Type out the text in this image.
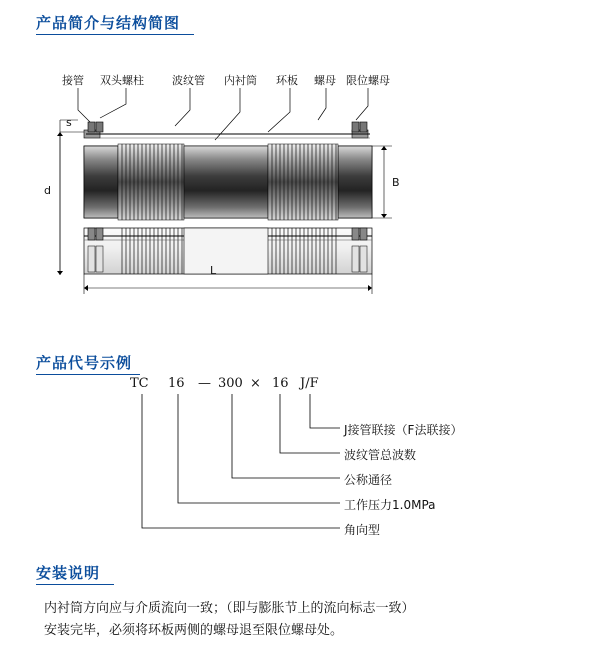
产品简介与结构简图
接管 双头螺柱	波纹管 内衬筒 环板 螺母 限位螺母
s
d
B
L
产品代号示例
TC 16 — 300 × 16 J/F
J接管联接（F法联接）
波纹管总波数
公称通径
工作压力1.0MPa
角向型
安装说明
内衬筒方向应与介质流向一致；（即与膨胀节上的流向标志一致）
安装完毕，必须将环板两侧的螺母退至限位螺母处。
